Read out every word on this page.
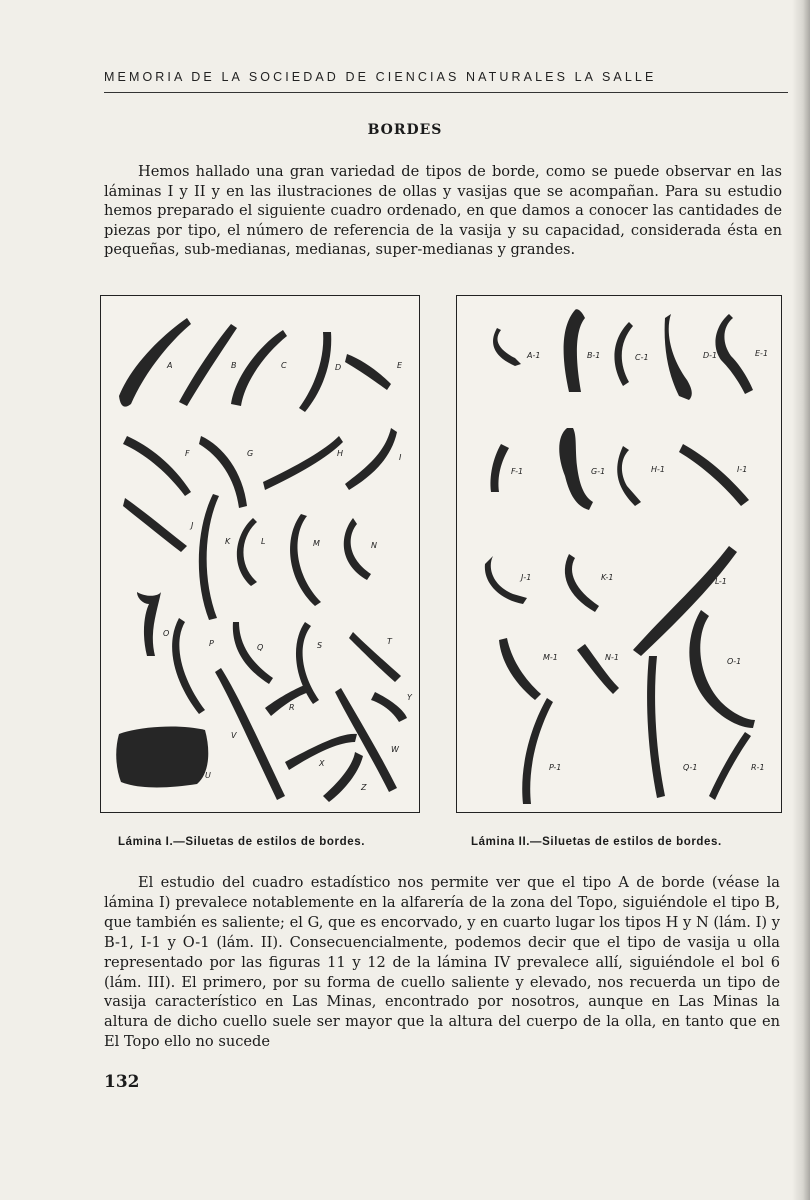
MEMORIA DE LA SOCIEDAD DE CIENCIAS NATURALES LA SALLE
BORDES

Hemos hallado una gran variedad de tipos de borde, como se puede observar en las láminas I y II y en las ilustraciones de ollas y vasijas que se acompañan. Para su estudio hemos preparado el siguiente cuadro ordenado, en que damos a conocer las cantidades de piezas por tipo, el número de referencia de la vasija y su capacidad, considerada ésta en pequeñas, sub-medianas, medianas, super-medianas y grandes.

A	B	C	D	E
F	G	H	I
J
K	L	M	N
O
P	Q
R
S	T
U
V
W
X
Y
Z
A-1	B-1	C-1	D-1	E-1
F-1	G-1	H-1	I-1
J-1	K-1	L-1
M-1	N-1	O-1
P-1	Q-1	R-1
Lámina I.—Siluetas de estilos de bordes.	Lámina II.—Siluetas de estilos de bordes.

El estudio del cuadro estadístico nos permite ver que el tipo A de borde (véase la lámina I) prevalece notablemente en la alfarería de la zona del Topo, siguiéndole el tipo B, que también es saliente; el G, que es encorvado, y en cuarto lugar los tipos H y N (lám. I) y B-1, I-1 y O-1 (lám. II). Consecuencialmente, podemos decir que el tipo de vasija u olla representado por las figuras 11 y 12 de la lámina IV prevalece allí, siguiéndole el bol 6 (lám. III). El primero, por su forma de cuello saliente y elevado, nos recuerda un tipo de vasija característico en Las Minas, encontrado por nosotros, aunque en Las Minas la altura de dicho cuello suele ser mayor que la altura del cuerpo de la olla, en tanto que en El Topo ello no sucede

132
